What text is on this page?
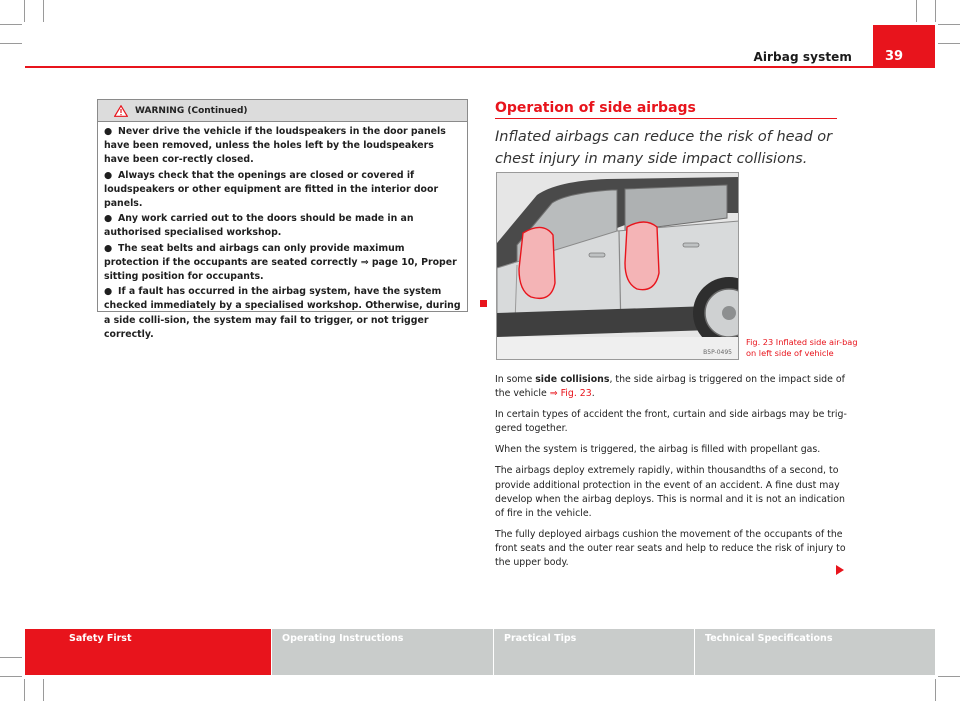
Airbag system	39
WARNING (Continued)
● Never drive the vehicle if the loudspeakers in the door panels have been removed, unless the holes left by the loudspeakers have been cor-rectly closed.
● Always check that the openings are closed or covered if loudspeakers or other equipment are fitted in the interior door panels.
● Any work carried out to the doors should be made in an authorised specialised workshop.
● The seat belts and airbags can only provide maximum protection if the occupants are seated correctly ⇒ page 10, Proper sitting position for occupants.
● If a fault has occurred in the airbag system, have the system checked immediately by a specialised workshop. Otherwise, during a side colli-sion, the system may fail to trigger, or not trigger correctly.
Operation of side airbags
Inflated airbags can reduce the risk of head or chest injury in many side impact collisions.
B5P-0495
Fig. 23 Inflated side air-bag on left side of vehicle

In some side collisions, the side airbag is triggered on the impact side of the vehicle ⇒ Fig. 23.

In certain types of accident the front, curtain and side airbags may be trig-gered together.

When the system is triggered, the airbag is filled with propellant gas.

The airbags deploy extremely rapidly, within thousandths of a second, to provide additional protection in the event of an accident. A fine dust may develop when the airbag deploys. This is normal and it is not an indication of fire in the vehicle.

The fully deployed airbags cushion the movement of the occupants of the front seats and the outer rear seats and help to reduce the risk of injury to the upper body.

Safety First	Operating Instructions	Practical Tips	Technical Specifications
